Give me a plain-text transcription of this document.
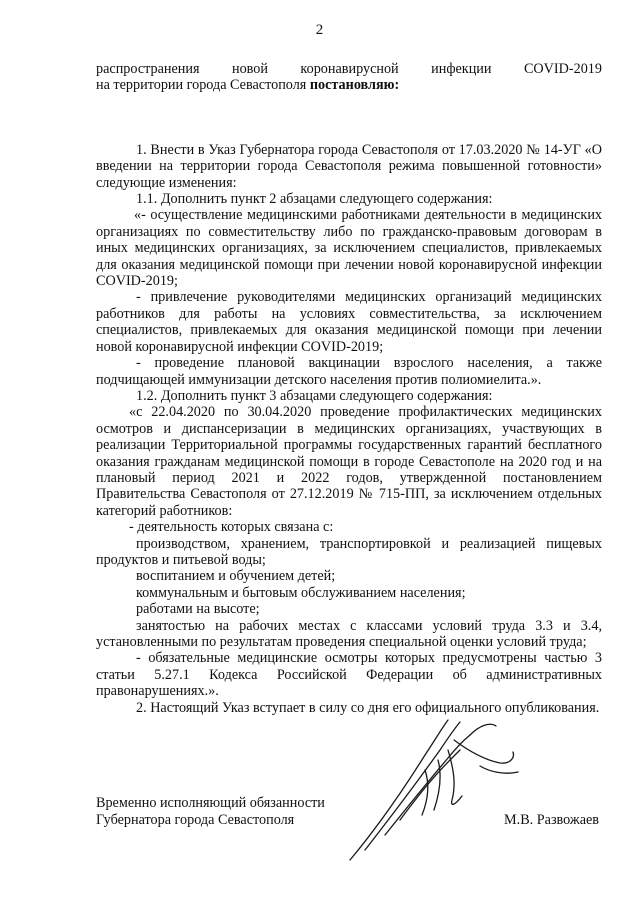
2

распространения новой коронавирусной инфекции COVID-2019

на территории города Севастополя постановляю:

1. Внести в Указ Губернатора города Севастополя от 17.03.2020 № 14-УГ «О введении на территории города Севастополя режима повышенной готовности» следующие изменения:

1.1. Дополнить пункт 2 абзацами следующего содержания:

«- осуществление медицинскими работниками деятельности в медицинских организациях по совместительству либо по гражданско-правовым договорам в иных медицинских организациях, за исключением специалистов, привлекаемых для оказания медицинской помощи при лечении новой коронавирусной инфекции COVID-2019;

- привлечение руководителями медицинских организаций медицинских работников для работы на условиях совместительства, за исключением специалистов, привлекаемых для оказания медицинской помощи при лечении новой коронавирусной инфекции COVID-2019;

- проведение плановой вакцинации взрослого населения, а также подчищающей иммунизации детского населения против полиомиелита.».

1.2. Дополнить пункт 3 абзацами следующего содержания:

«с 22.04.2020 по 30.04.2020 проведение профилактических медицинских осмотров и диспансеризации в медицинских организациях, участвующих в реализации Территориальной программы государственных гарантий бесплатного оказания гражданам медицинской помощи в городе Севастополе на 2020 год и на плановый период 2021 и 2022 годов, утвержденной постановлением Правительства Севастополя от 27.12.2019 № 715-ПП, за исключением отдельных категорий работников:

- деятельность которых связана с:

производством, хранением, транспортировкой и реализацией пищевых продуктов и питьевой воды;

воспитанием и обучением детей;

коммунальным и бытовым обслуживанием населения;

работами на высоте;

занятостью на рабочих местах с классами условий труда 3.3 и 3.4, установленными по результатам проведения специальной оценки условий труда;

- обязательные медицинские осмотры которых предусмотрены частью 3 статьи 5.27.1 Кодекса Российской Федерации об административных правонарушениях.».

2. Настоящий Указ вступает в силу со дня его официального опубликования.

Временно исполняющий обязанности
Губернатора города Севастополя	М.В. Развожаев
